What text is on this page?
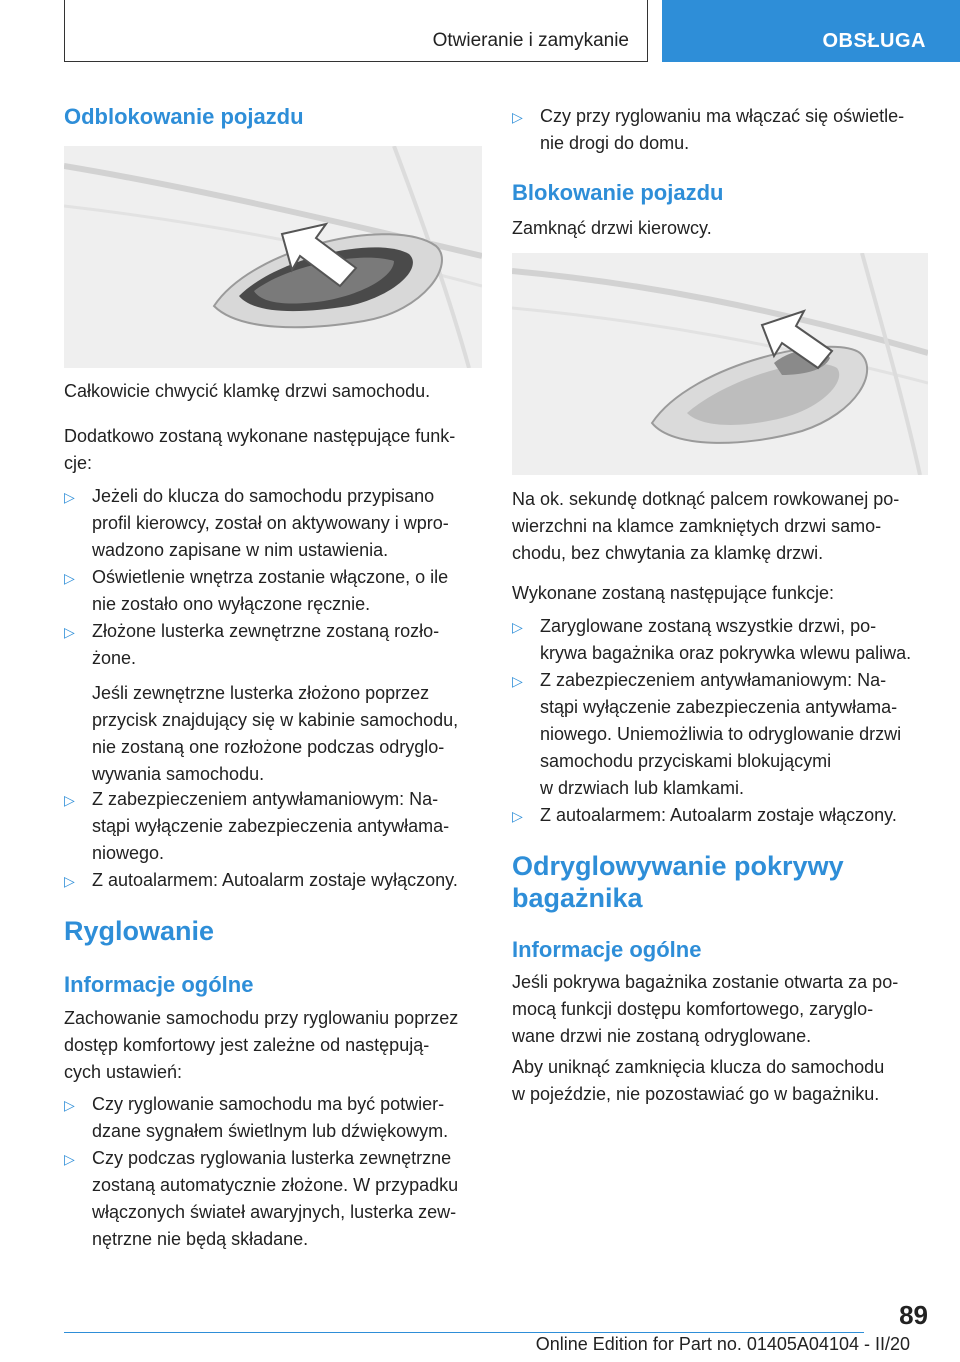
Otwieranie i zamykanie	OBSŁUGA
Odblokowanie pojazdu

Całkowicie chwycić klamkę drzwi samochodu.

Dodatkowo zostaną wykonane następujące funk-
cje:

▷ Jeżeli do klucza do samochodu przypisano
profil kierowcy, został on aktywowany i wpro-
wadzono zapisane w nim ustawienia.
▷ Oświetlenie wnętrza zostanie włączone, o ile
nie zostało ono wyłączone ręcznie.
▷ Złożone lusterka zewnętrzne zostaną rozło-
żone.

Jeśli zewnętrzne lusterka złożono poprzez
przycisk znajdujący się w kabinie samochodu,
nie zostaną one rozłożone podczas odryglo-
wywania samochodu.

▷ Z zabezpieczeniem antywłamaniowym: Na-
stąpi wyłączenie zabezpieczenia antywłama-
niowego.
▷ Z autoalarmem: Autoalarm zostaje wyłączony.
Ryglowanie
Informacje ogólne

Zachowanie samochodu przy ryglowaniu poprzez
dostęp komfortowy jest zależne od następują-
cych ustawień:

▷ Czy ryglowanie samochodu ma być potwier-
dzane sygnałem świetlnym lub dźwiękowym.
▷ Czy podczas ryglowania lusterka zewnętrzne
zostaną automatycznie złożone. W przypadku
włączonych świateł awaryjnych, lusterka zew-
nętrzne nie będą składane.
▷ Czy przy ryglowaniu ma włączać się oświetle-
nie drogi do domu.
Blokowanie pojazdu

Zamknąć drzwi kierowcy.

Na ok. sekundę dotknąć palcem rowkowanej po-
wierzchni na klamce zamkniętych drzwi samo-
chodu, bez chwytania za klamkę drzwi.

Wykonane zostaną następujące funkcje:

▷ Zaryglowane zostaną wszystkie drzwi, po-
krywa bagażnika oraz pokrywka wlewu paliwa.
▷ Z zabezpieczeniem antywłamaniowym: Na-
stąpi wyłączenie zabezpieczenia antywłama-
niowego. Uniemożliwia to odryglowanie drzwi
samochodu przyciskami blokującymi
w drzwiach lub klamkami.
▷ Z autoalarmem: Autoalarm zostaje włączony.
Odryglowywanie pokrywy
bagażnika
Informacje ogólne

Jeśli pokrywa bagażnika zostanie otwarta za po-
mocą funkcji dostępu komfortowego, zaryglo-
wane drzwi nie zostaną odryglowane.

Aby uniknąć zamknięcia klucza do samochodu
w pojeździe, nie pozostawiać go w bagażniku.

89
Online Edition for Part no. 01405A04104 - II/20
